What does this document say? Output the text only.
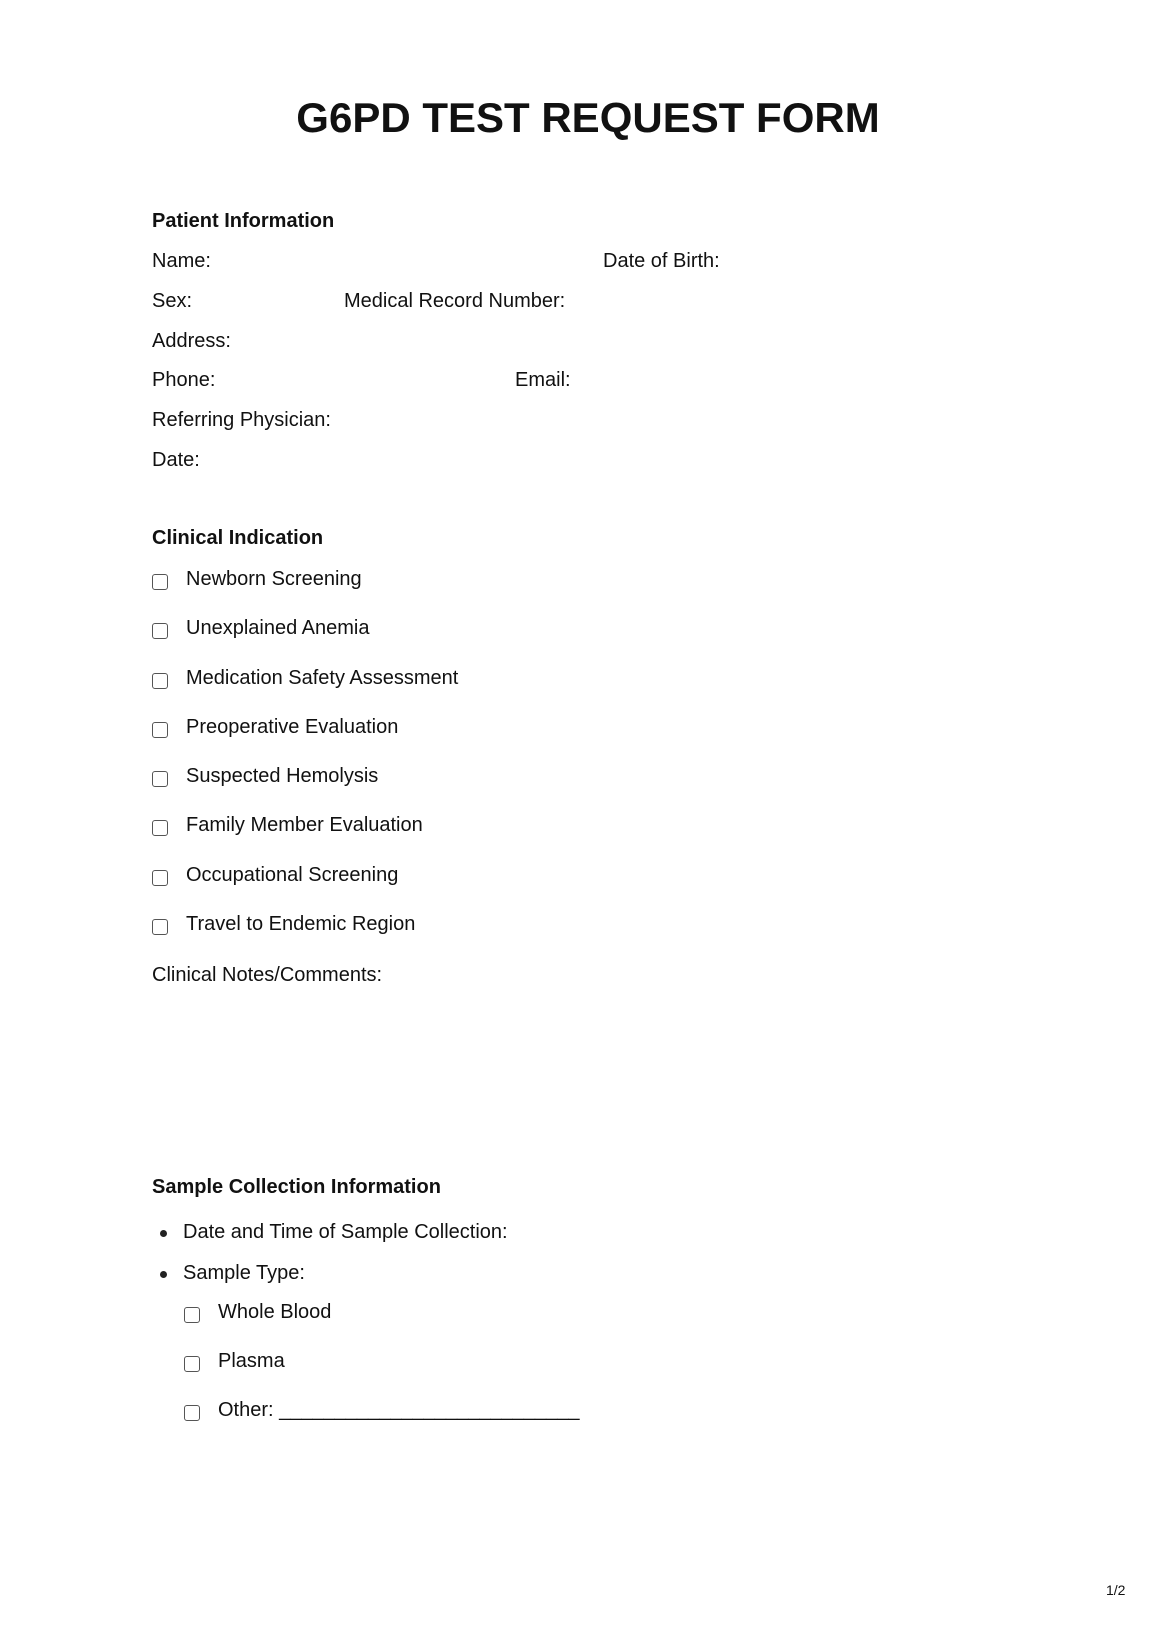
G6PD TEST REQUEST FORM
Patient Information
Name:	Date of Birth:
Sex:	Medical Record Number:
Address:
Phone:	Email:
Referring Physician:
Date:
Clinical Indication
Newborn Screening
Unexplained Anemia
Medication Safety Assessment
Preoperative Evaluation
Suspected Hemolysis
Family Member Evaluation
Occupational Screening
Travel to Endemic Region
Clinical Notes/Comments:
Sample Collection Information
Date and Time of Sample Collection:
Sample Type:
Whole Blood
Plasma
Other: ___________________________
1/2
